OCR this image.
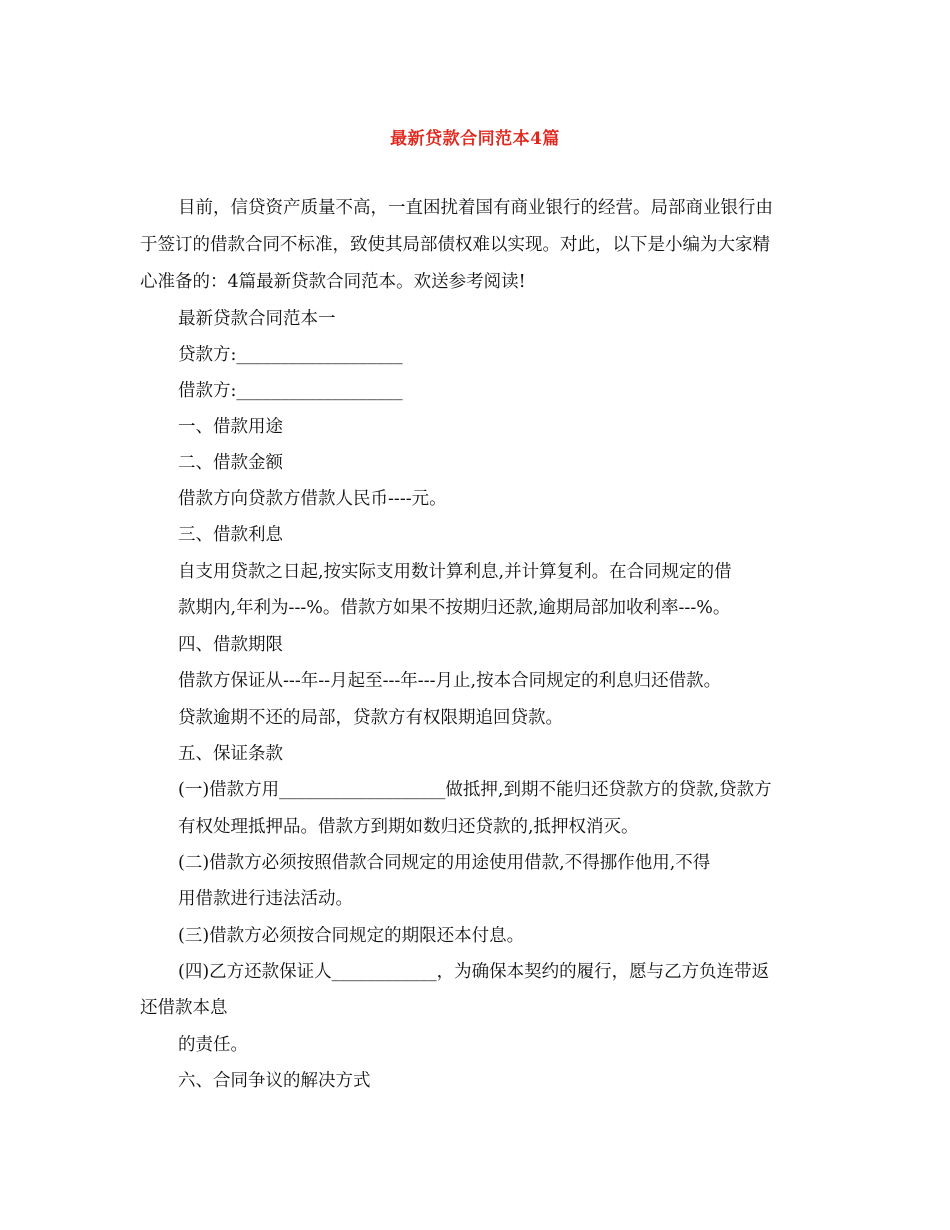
最新贷款合同范本4篇
目前，信贷资产质量不高，一直困扰着国有商业银行的经营。局部商业银行由
于签订的借款合同不标准，致使其局部债权难以实现。对此，以下是小编为大家精
心准备的：4篇最新贷款合同范本。欢送参考阅读!
最新贷款合同范本一
贷款方:___________________
借款方:___________________
一、借款用途
二、借款金额
借款方向贷款方借款人民币----元。
三、借款利息
自支用贷款之日起,按实际支用数计算利息,并计算复利。在合同规定的借
款期内,年利为---%。借款方如果不按期归还款,逾期局部加收利率---%。
四、借款期限
借款方保证从---年--月起至---年---月止,按本合同规定的利息归还借款。
贷款逾期不还的局部，贷款方有权限期追回贷款。
五、保证条款
(一)借款方用___________________做抵押,到期不能归还贷款方的贷款,贷款方
有权处理抵押品。借款方到期如数归还贷款的,抵押权消灭。
(二)借款方必须按照借款合同规定的用途使用借款,不得挪作他用,不得
用借款进行违法活动。
(三)借款方必须按合同规定的期限还本付息。
(四)乙方还款保证人____________，为确保本契约的履行，愿与乙方负连带返
还借款本息
的责任。
六、合同争议的解决方式
